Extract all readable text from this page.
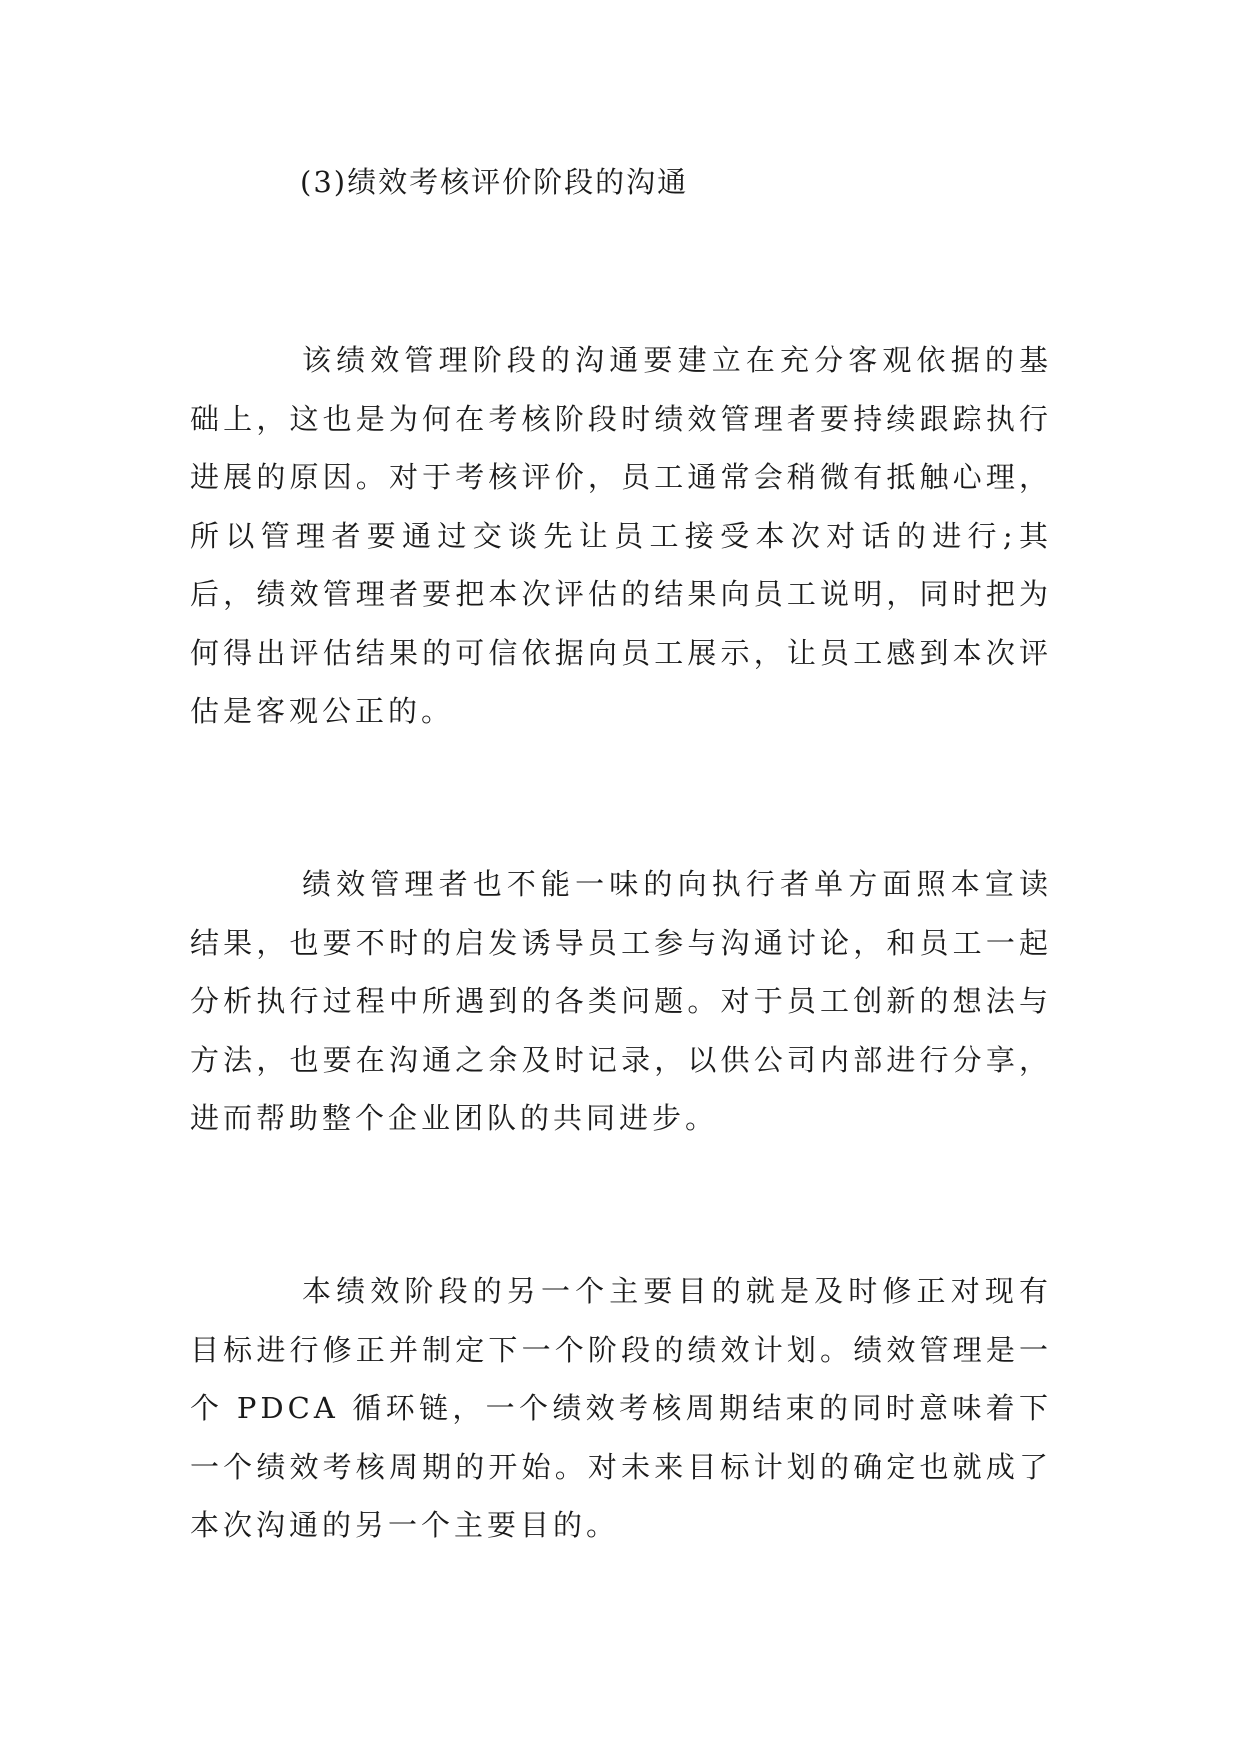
(3)绩效考核评价阶段的沟通

该绩效管理阶段的沟通要建立在充分客观依据的基础上，这也是为何在考核阶段时绩效管理者要持续跟踪执行进展的原因。对于考核评价，员工通常会稍微有抵触心理，所以管理者要通过交谈先让员工接受本次对话的进行;其后，绩效管理者要把本次评估的结果向员工说明，同时把为何得出评估结果的可信依据向员工展示，让员工感到本次评估是客观公正的。

绩效管理者也不能一味的向执行者单方面照本宣读结果，也要不时的启发诱导员工参与沟通讨论，和员工一起分析执行过程中所遇到的各类问题。对于员工创新的想法与方法，也要在沟通之余及时记录，以供公司内部进行分享，进而帮助整个企业团队的共同进步。

本绩效阶段的另一个主要目的就是及时修正对现有目标进行修正并制定下一个阶段的绩效计划。绩效管理是一个 PDCA 循环链，一个绩效考核周期结束的同时意味着下一个绩效考核周期的开始。对未来目标计划的确定也就成了本次沟通的另一个主要目的。
